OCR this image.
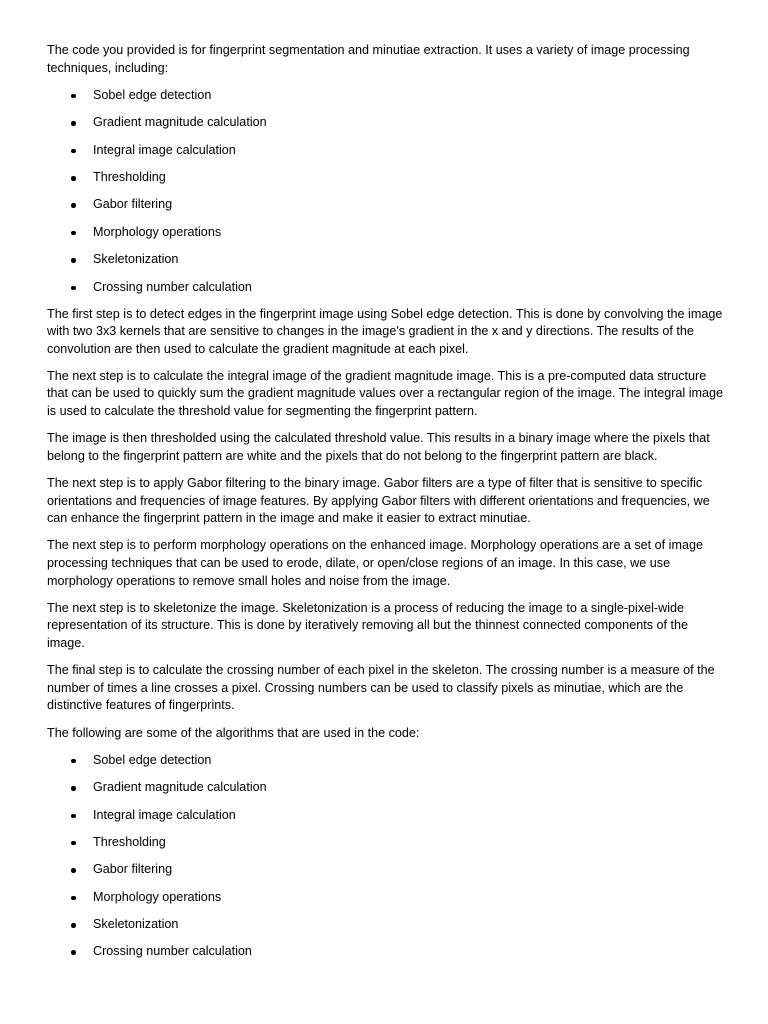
The code you provided is for fingerprint segmentation and minutiae extraction. It uses a variety of image processing techniques, including:

Sobel edge detection
Gradient magnitude calculation
Integral image calculation
Thresholding
Gabor filtering
Morphology operations
Skeletonization
Crossing number calculation

The first step is to detect edges in the fingerprint image using Sobel edge detection. This is done by convolving the image with two 3x3 kernels that are sensitive to changes in the image's gradient in the x and y directions. The results of the convolution are then used to calculate the gradient magnitude at each pixel.

The next step is to calculate the integral image of the gradient magnitude image. This is a pre-computed data structure that can be used to quickly sum the gradient magnitude values over a rectangular region of the image. The integral image is used to calculate the threshold value for segmenting the fingerprint pattern.

The image is then thresholded using the calculated threshold value. This results in a binary image where the pixels that belong to the fingerprint pattern are white and the pixels that do not belong to the fingerprint pattern are black.

The next step is to apply Gabor filtering to the binary image. Gabor filters are a type of filter that is sensitive to specific orientations and frequencies of image features. By applying Gabor filters with different orientations and frequencies, we can enhance the fingerprint pattern in the image and make it easier to extract minutiae.

The next step is to perform morphology operations on the enhanced image. Morphology operations are a set of image processing techniques that can be used to erode, dilate, or open/close regions of an image. In this case, we use morphology operations to remove small holes and noise from the image.

The next step is to skeletonize the image. Skeletonization is a process of reducing the image to a single-pixel-wide representation of its structure. This is done by iteratively removing all but the thinnest connected components of the image.

The final step is to calculate the crossing number of each pixel in the skeleton. The crossing number is a measure of the number of times a line crosses a pixel. Crossing numbers can be used to classify pixels as minutiae, which are the distinctive features of fingerprints.

The following are some of the algorithms that are used in the code:

Sobel edge detection
Gradient magnitude calculation
Integral image calculation
Thresholding
Gabor filtering
Morphology operations
Skeletonization
Crossing number calculation
